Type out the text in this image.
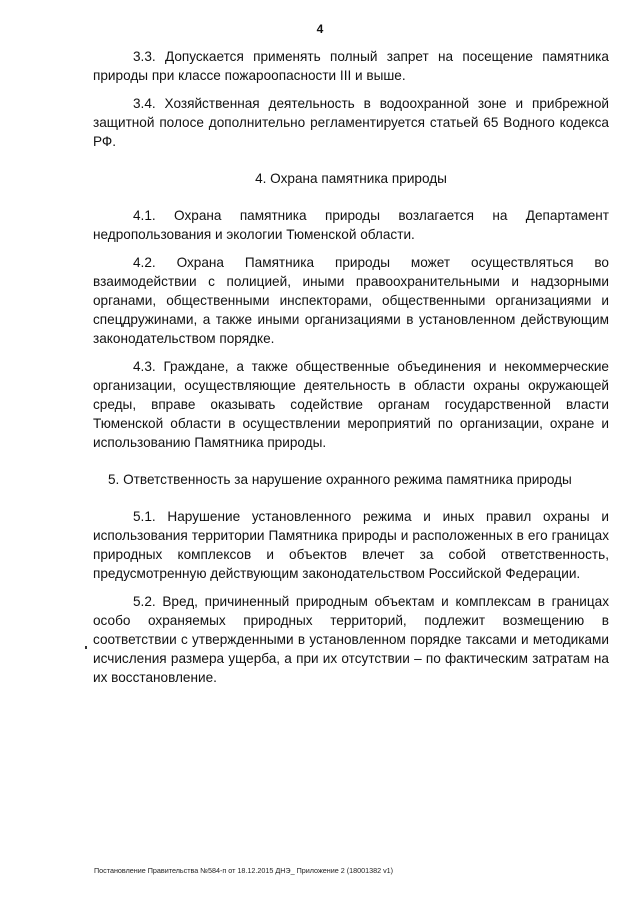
4

3.3. Допускается применять полный запрет на посещение памятника природы при классе пожароопасности III и выше.

3.4. Хозяйственная деятельность в водоохранной зоне и прибрежной защитной полосе дополнительно регламентируется статьей 65 Водного кодекса РФ.

4. Охрана памятника природы

4.1. Охрана памятника природы возлагается на Департамент недропользования и экологии Тюменской области.

4.2. Охрана Памятника природы может осуществляться во взаимодействии с полицией, иными правоохранительными и надзорными органами, общественными инспекторами, общественными организациями и спецдружинами, а также иными организациями в установленном действующим законодательством порядке.

4.3. Граждане, а также общественные объединения и некоммерческие организации, осуществляющие деятельность в области охраны окружающей среды, вправе оказывать содействие органам государственной власти Тюменской области в осуществлении мероприятий по организации, охране и использованию Памятника природы.

5. Ответственность за нарушение охранного режима памятника природы

5.1. Нарушение установленного режима и иных правил охраны и использования территории Памятника природы и расположенных в его границах природных комплексов и объектов влечет за собой ответственность, предусмотренную действующим законодательством Российской Федерации.

5.2. Вред, причиненный природным объектам и комплексам в границах особо охраняемых природных территорий, подлежит возмещению в соответствии с утвержденными в установленном порядке таксами и методиками исчисления размера ущерба, а при их отсутствии – по фактическим затратам на их восстановление.

Постановление Правительства №584-п от 18.12.2015 ДНЭ_ Приложение 2 (18001382 v1)
